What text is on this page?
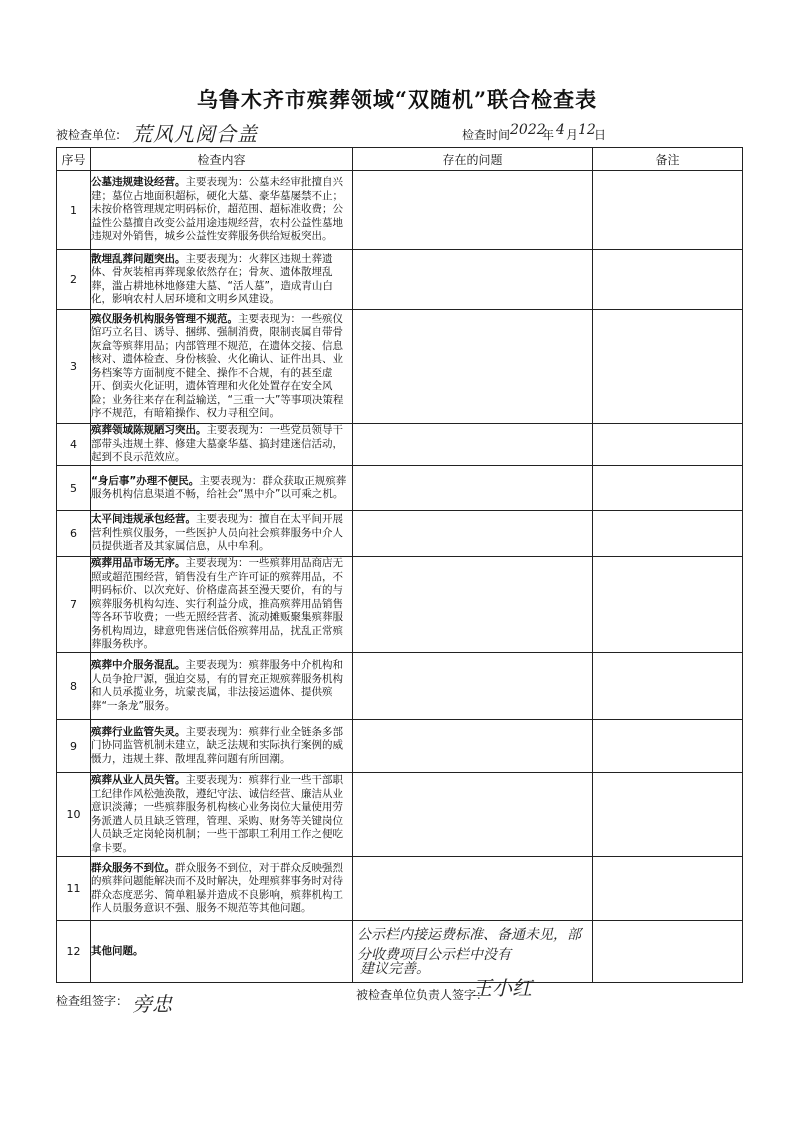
乌鲁木齐市殡葬领域“双随机”联合检查表
被检查单位: 荒风凡阅合盖	检查时间 2022
年 4 月 12
日
序号	检查内容	存在的问题	备注
1	公墓违规建设经营。主要表现为：公墓未经审批擅自兴建；墓位占地面积超标，硬化大墓、豪华墓屡禁不止；未按价格管理规定明码标价，超范围、超标准收费；公益性公墓擅自改变公益用途违规经营，农村公益性墓地违规对外销售，城乡公益性安葬服务供给短板突出。		
2	散埋乱葬问题突出。主要表现为：火葬区违规土葬遗体、骨灰装棺再葬现象依然存在；骨灰、遗体散埋乱葬，滥占耕地林地修建大墓、“活人墓”，造成青山白化，影响农村人居环境和文明乡风建设。		
3	殡仪服务机构服务管理不规范。主要表现为：一些殡仪馆巧立名目、诱导、捆绑、强制消费，限制丧属自带骨灰盒等殡葬用品；内部管理不规范，在遗体交接、信息核对、遗体检查、身份核验、火化确认、证件出具、业务档案等方面制度不健全、操作不合规，有的甚至虚开、倒卖火化证明，遗体管理和火化处置存在安全风险；业务往来存在利益输送，“三重一大”等事项决策程序不规范，有暗箱操作、权力寻租空间。		
4	殡葬领域陈规陋习突出。主要表现为：一些党员领导干部带头违规土葬、修建大墓豪华墓、搞封建迷信活动，起到不良示范效应。		
5	“身后事”办理不便民。主要表现为：群众获取正规殡葬服务机构信息渠道不畅，给社会“黑中介”以可乘之机。		
6	太平间违规承包经营。主要表现为：擅自在太平间开展营利性殡仪服务，一些医护人员向社会殡葬服务中介人员提供逝者及其家属信息，从中牟利。		
7	殡葬用品市场无序。主要表现为：一些殡葬用品商店无照或超范围经营，销售没有生产许可证的殡葬用品，不明码标价、以次充好、价格虚高甚至漫天要价，有的与殡葬服务机构勾连、实行利益分成，推高殡葬用品销售等各环节收费；一些无照经营者、流动摊贩聚集殡葬服务机构周边，肆意兜售迷信低俗殡葬用品，扰乱正常殡葬服务秩序。		
8	殡葬中介服务混乱。主要表现为：殡葬服务中介机构和人员争抢尸源，强迫交易，有的冒充正规殡葬服务机构和人员承揽业务，坑蒙丧属，非法接运遗体、提供殡葬“一条龙”服务。		
9	殡葬行业监管失灵。主要表现为：殡葬行业全链条多部门协同监管机制未建立，缺乏法规和实际执行案例的威慑力，违规土葬、散埋乱葬问题有所回潮。		
10	殡葬从业人员失管。主要表现为：殡葬行业一些干部职工纪律作风松弛涣散，遵纪守法、诚信经营、廉洁从业意识淡薄；一些殡葬服务机构核心业务岗位大量使用劳务派遣人员且缺乏管理，管理、采购、财务等关键岗位人员缺乏定岗轮岗机制；一些干部职工利用工作之便吃拿卡要。		
11	群众服务不到位。群众服务不到位，对于群众反映强烈的殡葬问题能解决而不及时解决，处理殡葬事务时对待群众态度恶劣、简单粗暴并造成不良影响，殡葬机构工作人员服务意识不强、服务不规范等其他问题。		
12	其他问题。	公示栏内接运费标准、备通未见，部分收费项目公示栏中没有	
建议完善。
检查组签字： 旁忠	被检查单位负责人签字：
王小红
